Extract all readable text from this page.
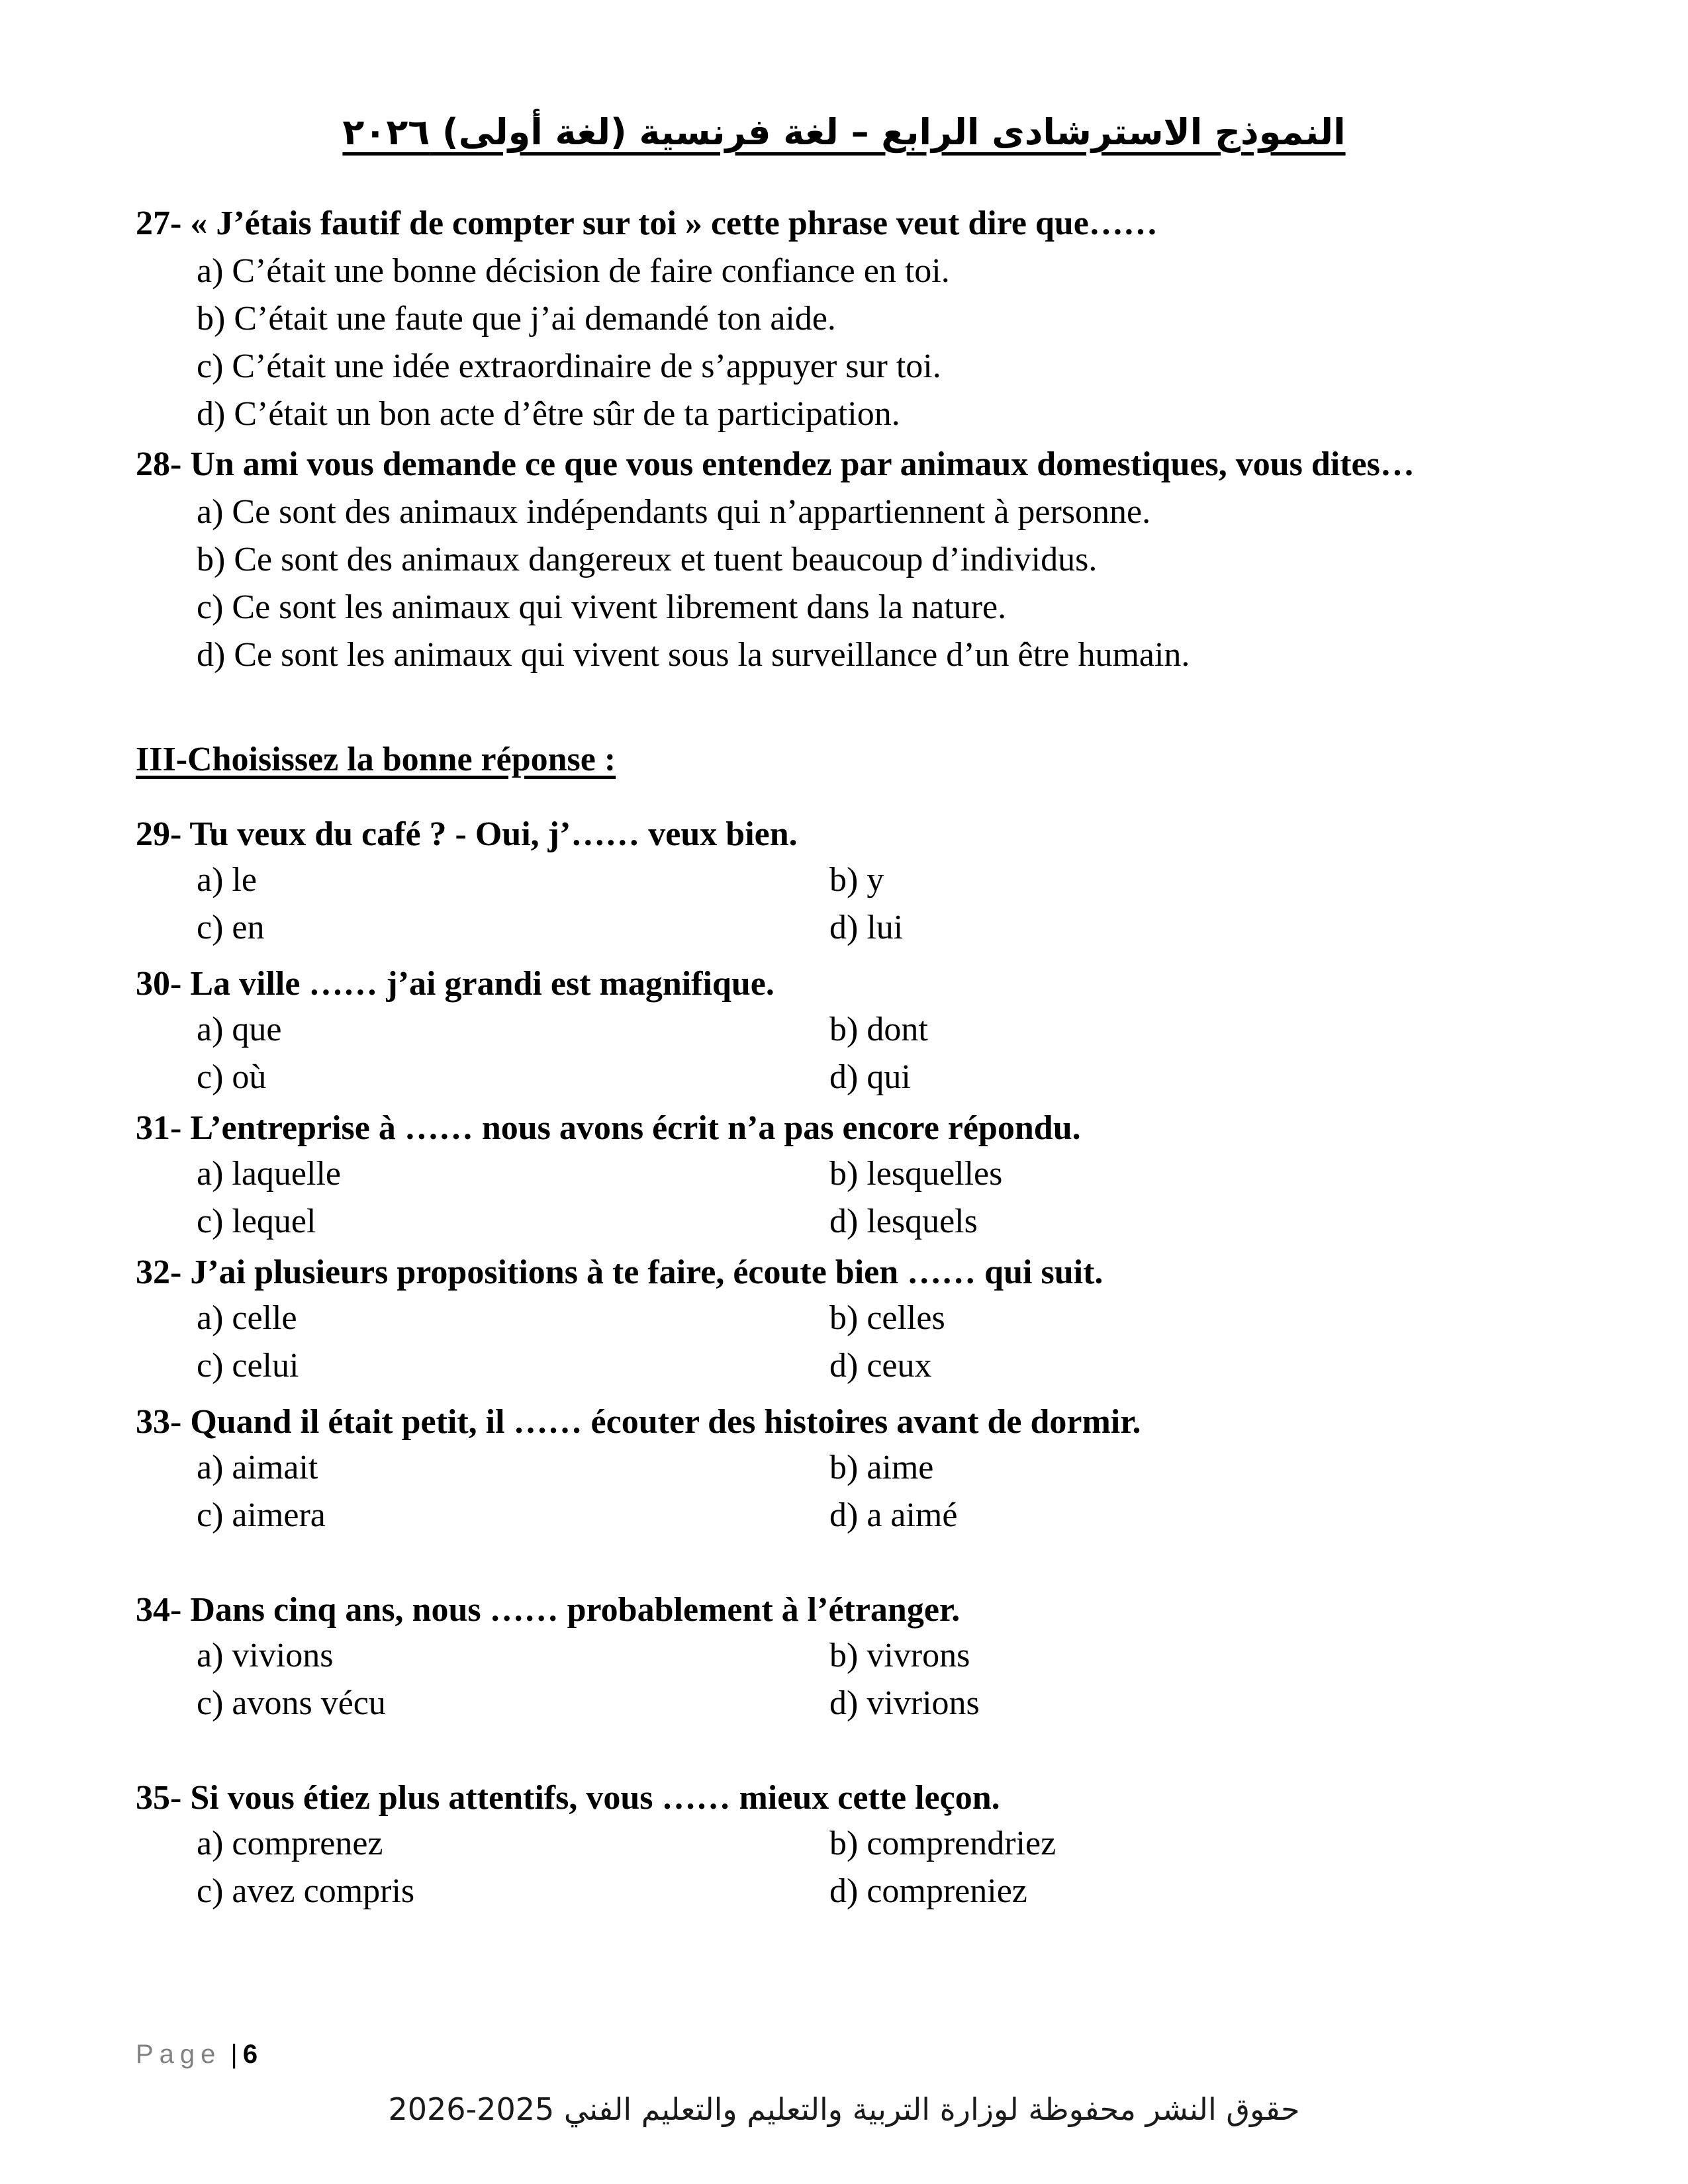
النموذج الاسترشادى الرابع – لغة فرنسية (لغة أولى) ٢٠٢٦
27- « J’étais fautif de compter sur toi » cette phrase veut dire que……
a) C’était une bonne décision de faire confiance en toi.
b) C’était une faute que j’ai demandé ton aide.
c) C’était une idée extraordinaire de s’appuyer sur toi.
d) C’était un bon acte d’être sûr de ta participation.
28- Un ami vous demande ce que vous entendez par animaux domestiques, vous dites…
a) Ce sont des animaux indépendants qui n’appartiennent à personne.
b) Ce sont des animaux dangereux et tuent beaucoup d’individus.
c) Ce sont les animaux qui vivent librement dans la nature.
d) Ce sont les animaux qui vivent sous la surveillance d’un être humain.
III-Choisissez la bonne réponse :
29- Tu veux du café ? - Oui, j’…… veux bien.
a) le	b) y
c) en	d) lui
30- La ville …… j’ai grandi est magnifique.
a) que	b) dont
c) où	d) qui
31- L’entreprise à …… nous avons écrit n’a pas encore répondu.
a) laquelle	b) lesquelles
c) lequel	d) lesquels
32- J’ai plusieurs propositions à te faire, écoute bien …… qui suit.
a) celle	b) celles
c) celui	d) ceux
33- Quand il était petit, il …… écouter des histoires avant de dormir.
a) aimait	b) aime
c) aimera	d) a aimé
34- Dans cinq ans, nous …… probablement à l’étranger.
a) vivions	b) vivrons
c) avons vécu	d) vivrions
35- Si vous étiez plus attentifs, vous …… mieux cette leçon.
a) comprenez	b) comprendriez
c) avez compris	d) compreniez
Page | 6
حقوق النشر محفوظة لوزارة التربية والتعليم والتعليم الفني 2025-2026
